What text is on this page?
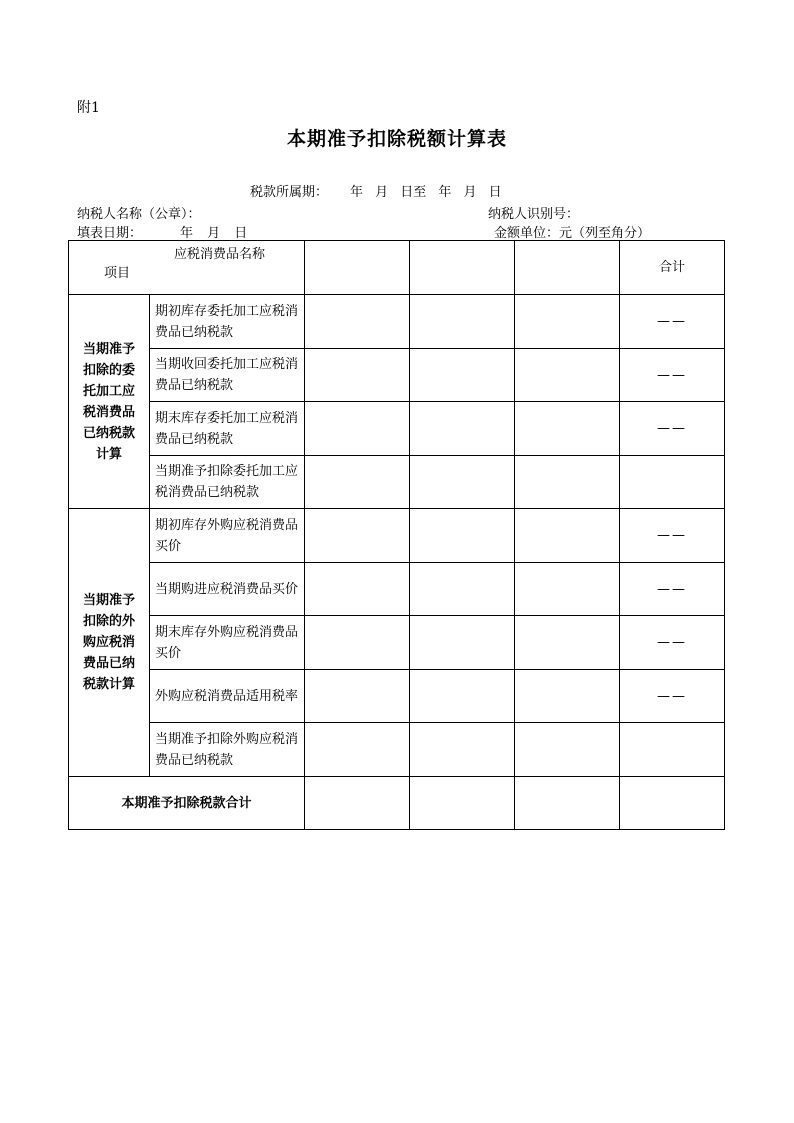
附1
本期准予扣除税额计算表
税款所属期： 年 月 日至 年 月 日
纳税人名称（公章）：	纳税人识别号：
填表日期：	年 月 日	金额单位：元（列至角分）
应税消费品名称
项目					合计

当期准予扣除的委托加工应税消费品已纳税款计算	期初库存委托加工应税消费品已纳税款				——
	当期收回委托加工应税消费品已纳税款				——
	期末库存委托加工应税消费品已纳税款				——
	当期准予扣除委托加工应税消费品已纳税款				

当期准予扣除的外购应税消费品已纳税款计算	期初库存外购应税消费品买价				——
	当期购进应税消费品买价				——
	期末库存外购应税消费品买价				——
	外购应税消费品适用税率				——
	当期准予扣除外购应税消费品已纳税款				
本期准予扣除税款合计					
